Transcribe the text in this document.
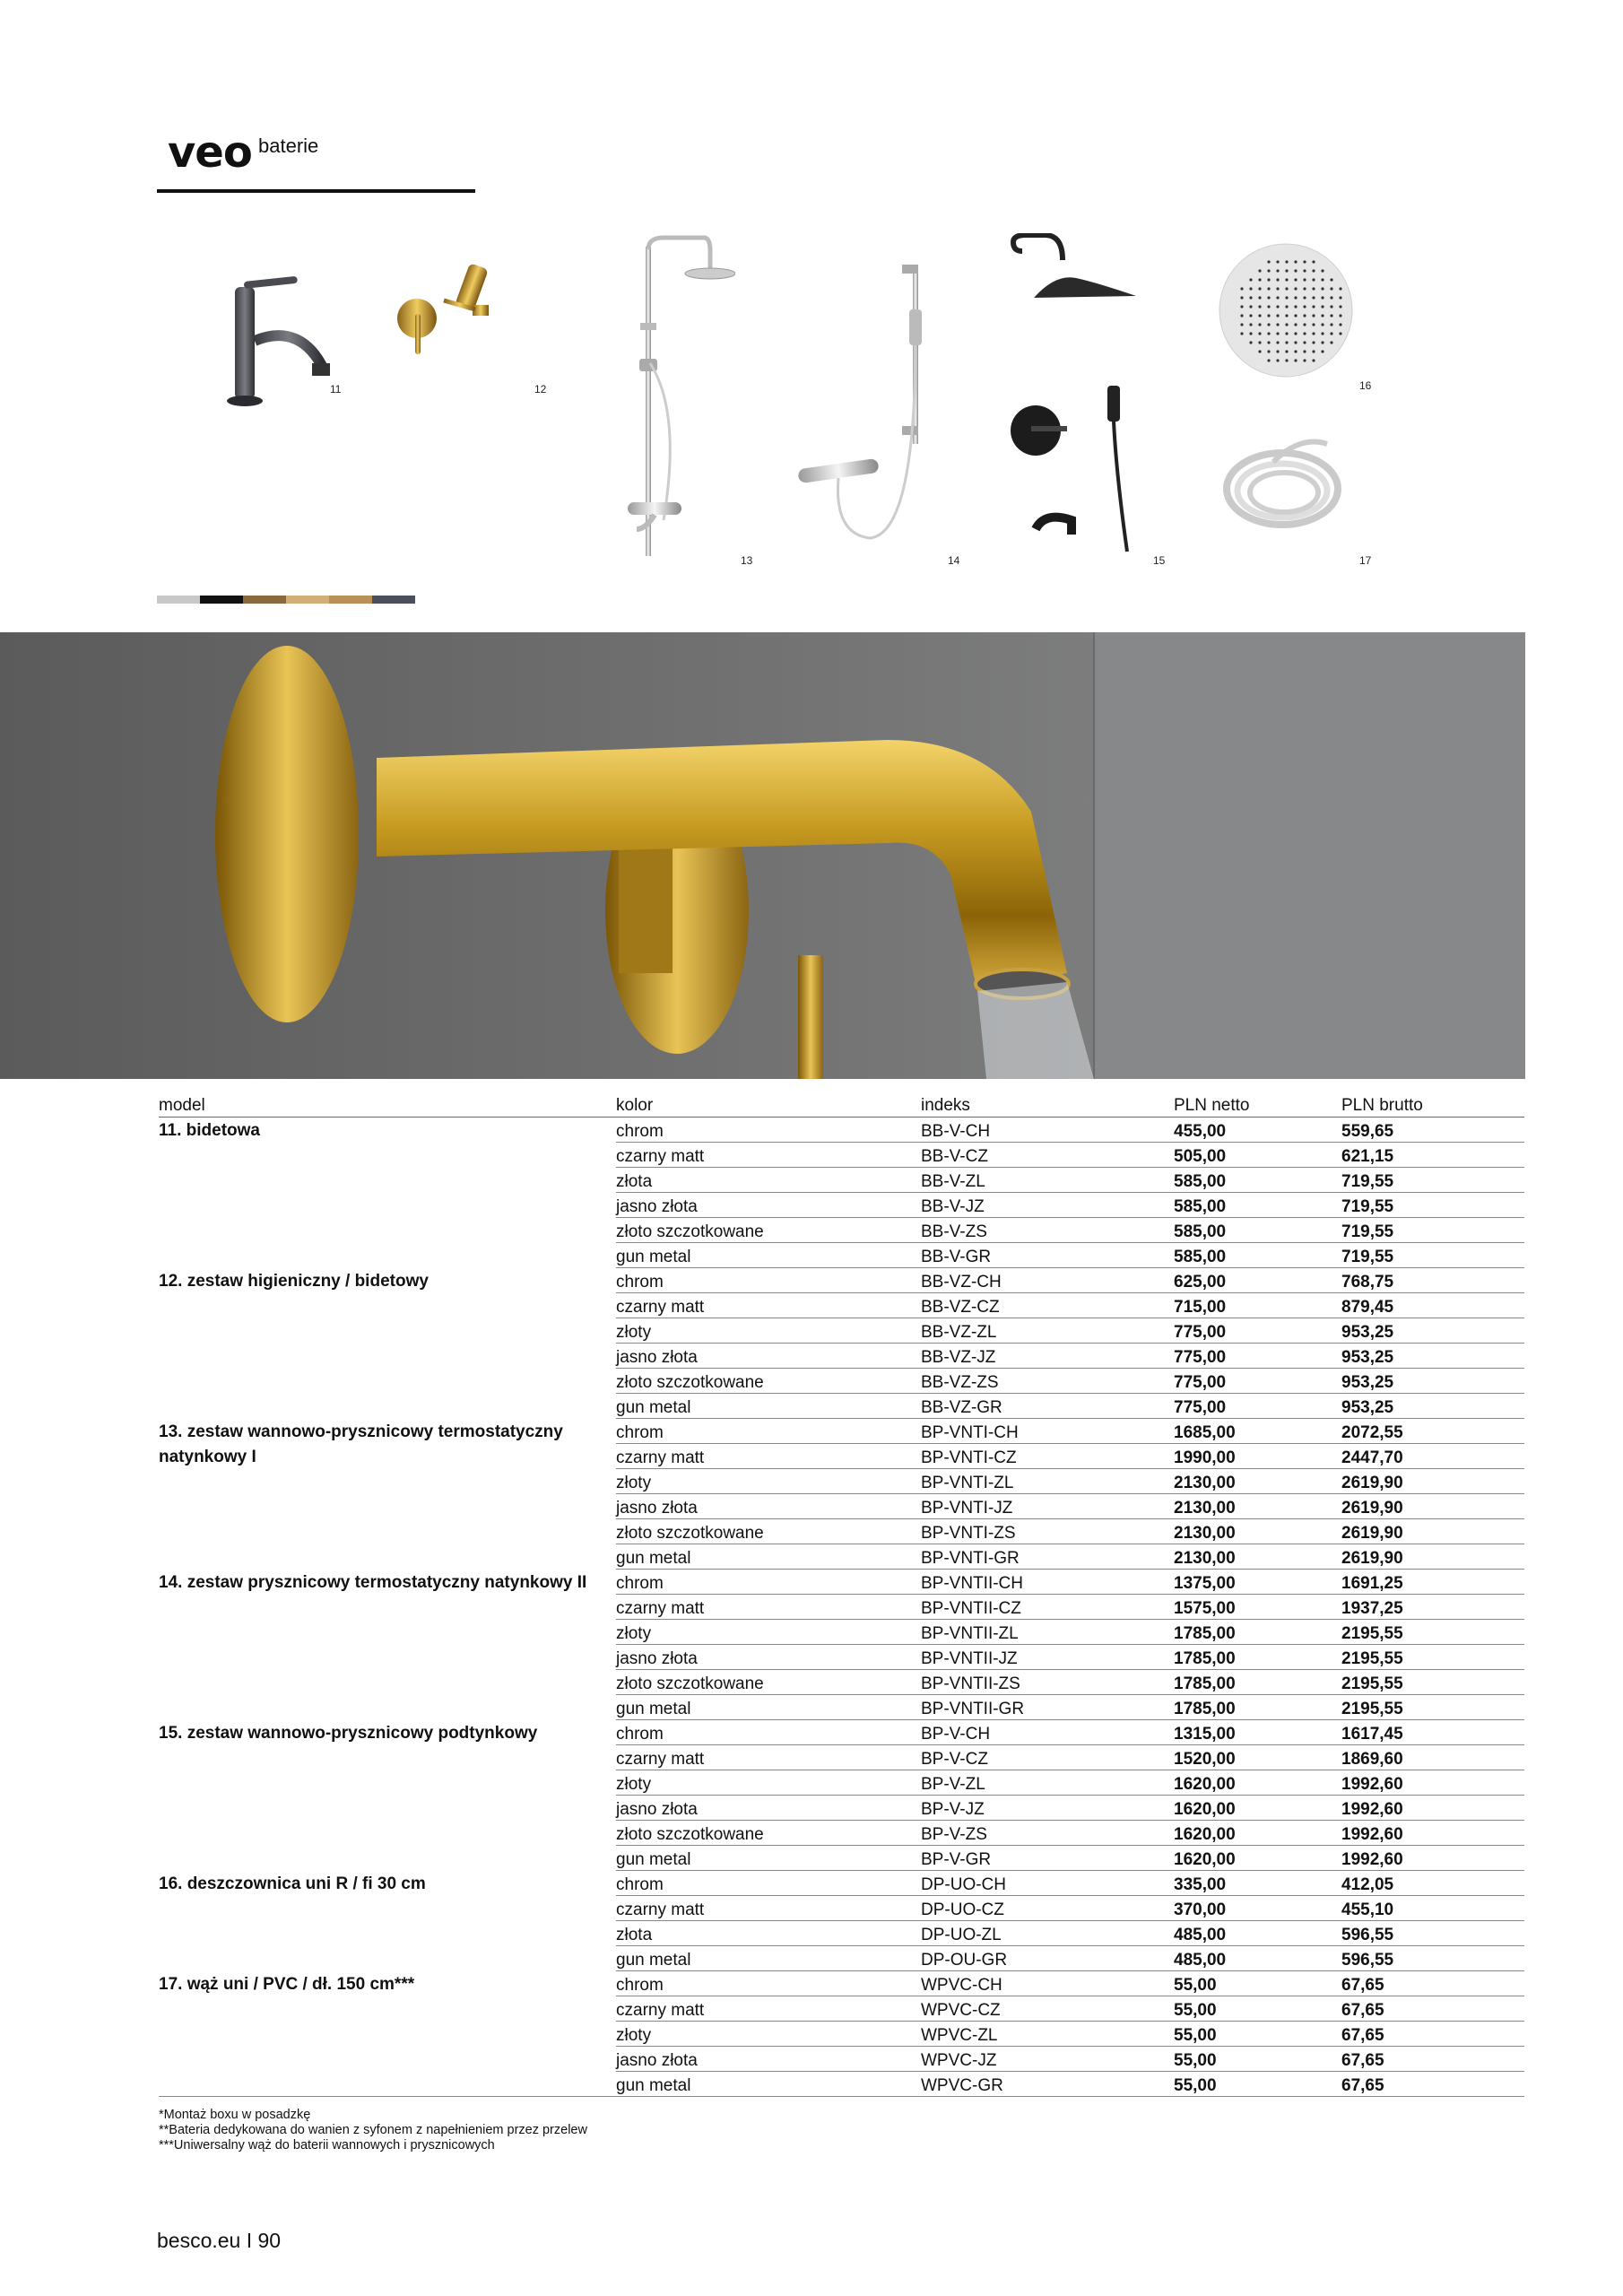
veo baterie
11	12
13	14	15
16
17
model	kolor	indeks	PLN netto	PLN brutto
11. bidetowa	chrom	BB-V-CH	455,00	559,65
	czarny matt	BB-V-CZ	505,00	621,15
	złota	BB-V-ZL	585,00	719,55
	jasno złota	BB-V-JZ	585,00	719,55
	złoto szczotkowane	BB-V-ZS	585,00	719,55
	gun metal	BB-V-GR	585,00	719,55
12. zestaw higieniczny / bidetowy	chrom	BB-VZ-CH	625,00	768,75
	czarny matt	BB-VZ-CZ	715,00	879,45
	złoty	BB-VZ-ZL	775,00	953,25
	jasno złota	BB-VZ-JZ	775,00	953,25
	złoto szczotkowane	BB-VZ-ZS	775,00	953,25
	gun metal	BB-VZ-GR	775,00	953,25
13. zestaw wannowo-prysznicowy termostatyczny natynkowy I	chrom	BP-VNTI-CH	1685,00	2072,55
	czarny matt	BP-VNTI-CZ	1990,00	2447,70
	złoty	BP-VNTI-ZL	2130,00	2619,90
	jasno złota	BP-VNTI-JZ	2130,00	2619,90
	złoto szczotkowane	BP-VNTI-ZS	2130,00	2619,90
	gun metal	BP-VNTI-GR	2130,00	2619,90
14. zestaw prysznicowy termostatyczny natynkowy II	chrom	BP-VNTII-CH	1375,00	1691,25
	czarny matt	BP-VNTII-CZ	1575,00	1937,25
	złoty	BP-VNTII-ZL	1785,00	2195,55
	jasno złota	BP-VNTII-JZ	1785,00	2195,55
	złoto szczotkowane	BP-VNTII-ZS	1785,00	2195,55
	gun metal	BP-VNTII-GR	1785,00	2195,55
15. zestaw wannowo-prysznicowy podtynkowy	chrom	BP-V-CH	1315,00	1617,45
	czarny matt	BP-V-CZ	1520,00	1869,60
	złoty	BP-V-ZL	1620,00	1992,60
	jasno złota	BP-V-JZ	1620,00	1992,60
	złoto szczotkowane	BP-V-ZS	1620,00	1992,60
	gun metal	BP-V-GR	1620,00	1992,60
16. deszczownica uni R / fi 30 cm	chrom	DP-UO-CH	335,00	412,05
	czarny matt	DP-UO-CZ	370,00	455,10
	złota	DP-UO-ZL	485,00	596,55
	gun metal	DP-OU-GR	485,00	596,55
17. wąż uni / PVC / dł. 150 cm***	chrom	WPVC-CH	55,00	67,65
	czarny matt	WPVC-CZ	55,00	67,65
	złoty	WPVC-ZL	55,00	67,65
	jasno złota	WPVC-JZ	55,00	67,65
	gun metal	WPVC-GR	55,00	67,65
*Montaż boxu w posadzkę
**Bateria dedykowana do wanien z syfonem z napełnieniem przez przelew
***Uniwersalny wąż do baterii wannowych i prysznicowych
besco.eu I 90
